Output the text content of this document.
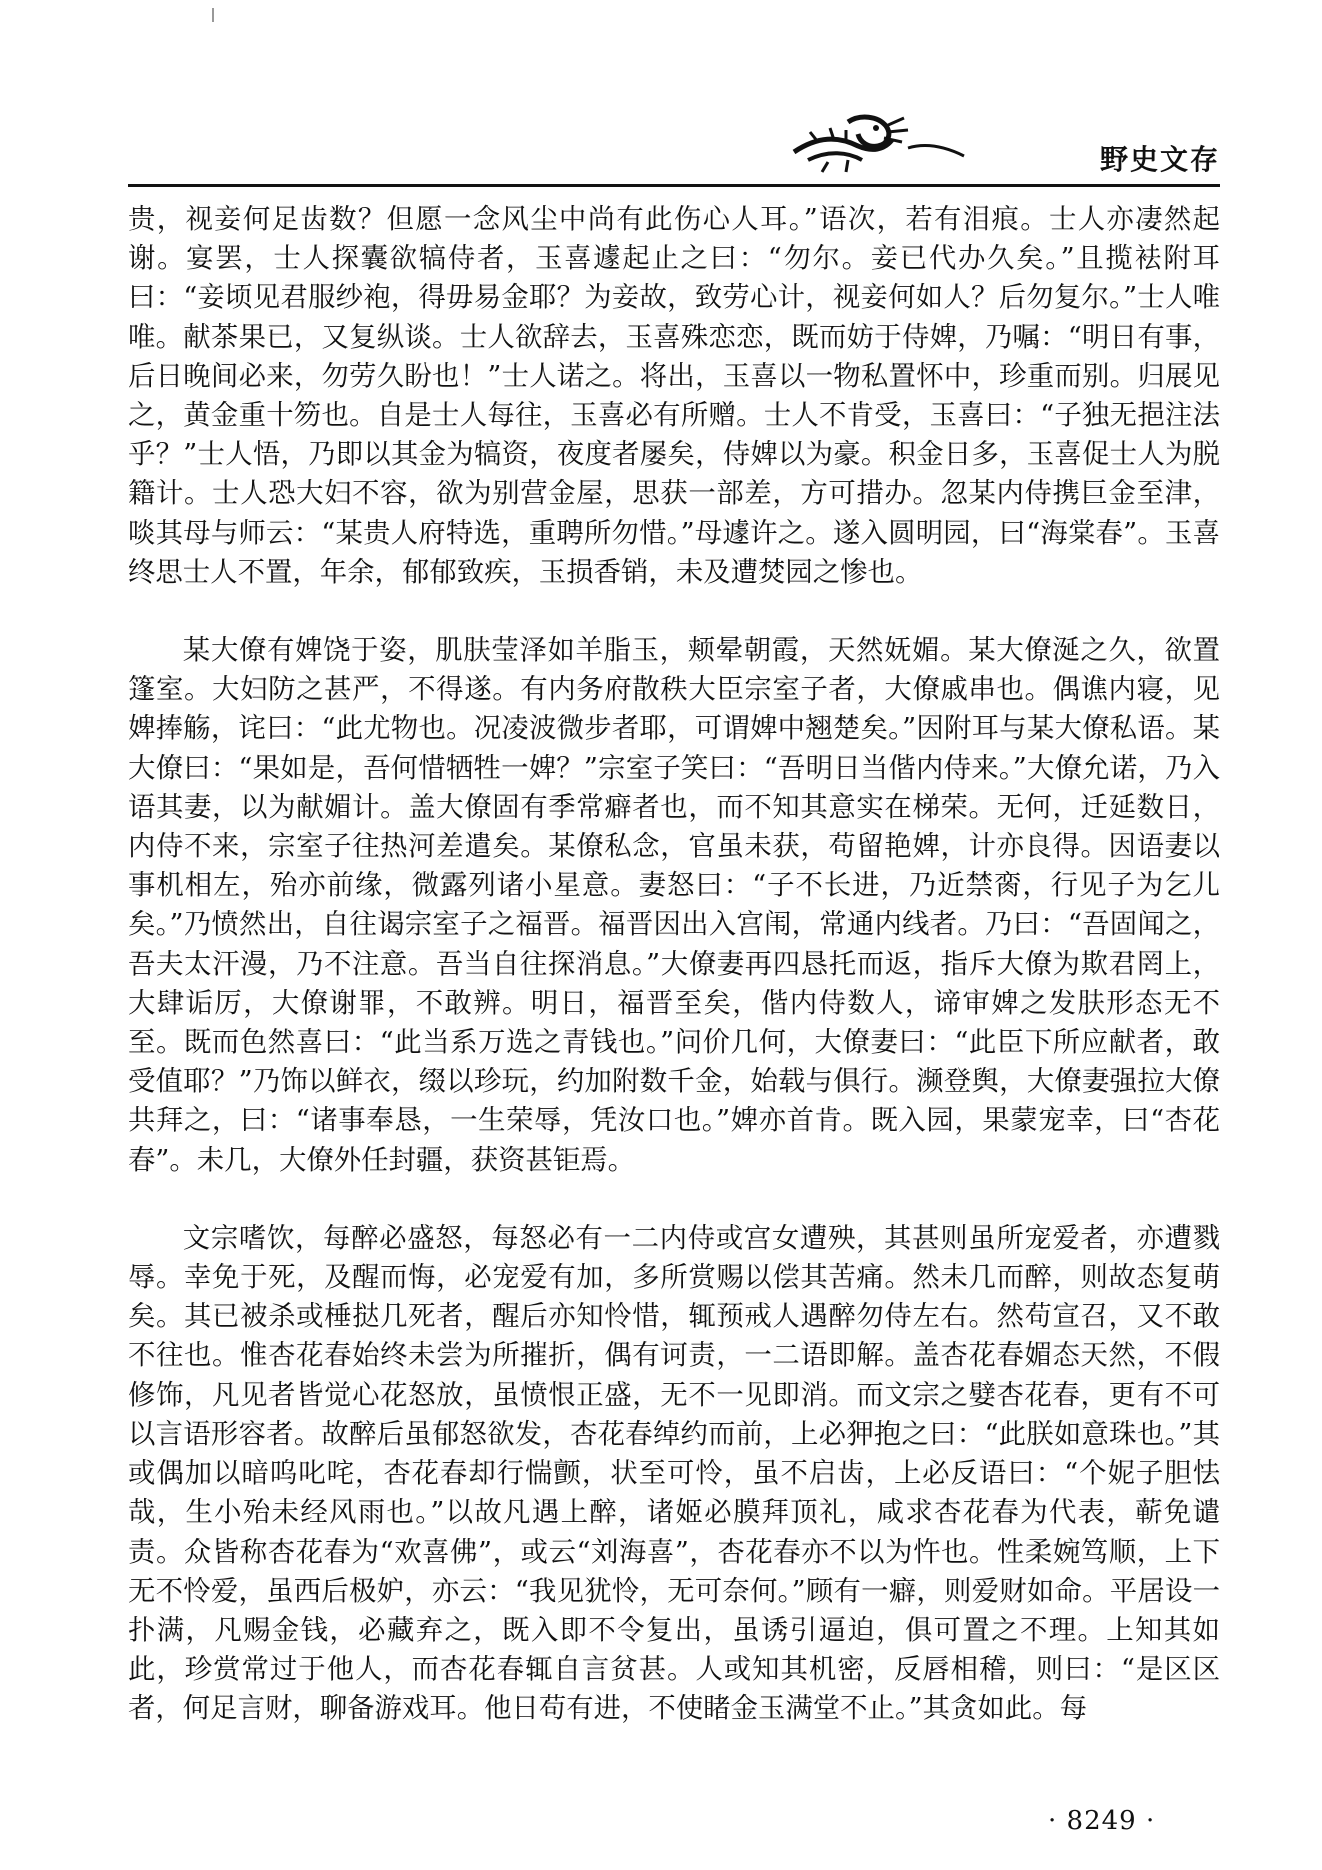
野史文存

贵，视妾何足齿数？但愿一念风尘中尚有此伤心人耳。”语次，若有泪痕。士人亦凄然起谢。宴罢，士人探囊欲犒侍者，玉喜遽起止之曰：“勿尔。妾已代办久矣。”且揽袪附耳曰：“妾顷见君服纱袍，得毋易金耶？为妾故，致劳心计，视妾何如人？后勿复尔。”士人唯唯。献茶果已，又复纵谈。士人欲辞去，玉喜殊恋恋，既而妨于侍婢，乃嘱：“明日有事，后日晚间必来，勿劳久盼也！”士人诺之。将出，玉喜以一物私置怀中，珍重而别。归展见之，黄金重十笏也。自是士人每往，玉喜必有所赠。士人不肯受，玉喜曰：“子独无挹注法乎？”士人悟，乃即以其金为犒资，夜度者屡矣，侍婢以为豪。积金日多，玉喜促士人为脱籍计。士人恐大妇不容，欲为别营金屋，思获一部差，方可措办。忽某内侍携巨金至津，啖其母与师云：“某贵人府特选，重聘所勿惜。”母遽许之。遂入圆明园，曰“海棠春”。玉喜终思士人不置，年余，郁郁致疾，玉损香销，未及遭焚园之惨也。

某大僚有婢饶于姿，肌肤莹泽如羊脂玉，颊晕朝霞，天然妩媚。某大僚涎之久，欲置篷室。大妇防之甚严，不得遂。有内务府散秩大臣宗室子者，大僚戚串也。偶谯内寝，见婢捧觞，诧曰：“此尤物也。况凌波微步者耶，可谓婢中翘楚矣。”因附耳与某大僚私语。某大僚曰：“果如是，吾何惜牺牲一婢？”宗室子笑曰：“吾明日当偕内侍来。”大僚允诺，乃入语其妻，以为献媚计。盖大僚固有季常癖者也，而不知其意实在梯荣。无何，迁延数日，内侍不来，宗室子往热河差遣矣。某僚私念，官虽未获，苟留艳婢，计亦良得。因语妻以事机相左，殆亦前缘，微露列诸小星意。妻怒曰：“子不长进，乃近禁脔，行见子为乞儿矣。”乃愤然出，自往谒宗室子之福晋。福晋因出入宫闱，常通内线者。乃曰：“吾固闻之，吾夫太汗漫，乃不注意。吾当自往探消息。”大僚妻再四恳托而返，指斥大僚为欺君罔上，大肆诟厉，大僚谢罪，不敢辨。明日，福晋至矣，偕内侍数人，谛审婢之发肤形态无不至。既而色然喜曰：“此当系万选之青钱也。”问价几何，大僚妻曰：“此臣下所应献者，敢受值耶？”乃饰以鲜衣，缀以珍玩，约加附数千金，始载与俱行。濒登舆，大僚妻强拉大僚共拜之，曰：“诸事奉恳，一生荣辱，凭汝口也。”婢亦首肯。既入园，果蒙宠幸，曰“杏花春”。未几，大僚外任封疆，获资甚钜焉。

文宗嗜饮，每醉必盛怒，每怒必有一二内侍或宫女遭殃，其甚则虽所宠爱者，亦遭戮辱。幸免于死，及醒而悔，必宠爱有加，多所赏赐以偿其苦痛。然未几而醉，则故态复萌矣。其已被杀或棰挞几死者，醒后亦知怜惜，辄预戒人遇醉勿侍左右。然苟宣召，又不敢不往也。惟杏花春始终未尝为所摧折，偶有诃责，一二语即解。盖杏花春媚态天然，不假修饰，凡见者皆觉心花怒放，虽愤恨正盛，无不一见即消。而文宗之嬖杏花春，更有不可以言语形容者。故醉后虽郁怒欲发，杏花春绰约而前，上必狎抱之曰：“此朕如意珠也。”其或偶加以暗呜叱咤，杏花春却行惴颤，状至可怜，虽不启齿，上必反语曰：“个妮子胆怯哉，生小殆未经风雨也。”以故凡遇上醉，诸姬必膜拜顶礼，咸求杏花春为代表，蕲免谴责。众皆称杏花春为“欢喜佛”，或云“刘海喜”，杏花春亦不以为忤也。性柔婉笃顺，上下无不怜爱，虽西后极妒，亦云：“我见犹怜，无可奈何。”顾有一癖，则爱财如命。平居设一扑满，凡赐金钱，必藏弃之，既入即不令复出，虽诱引逼迫，俱可置之不理。上知其如此，珍赏常过于他人，而杏花春辄自言贫甚。人或知其机密，反唇相稽，则曰：“是区区者，何足言财，聊备游戏耳。他日苟有进，不使睹金玉满堂不止。”其贪如此。每

· 8249 ·
